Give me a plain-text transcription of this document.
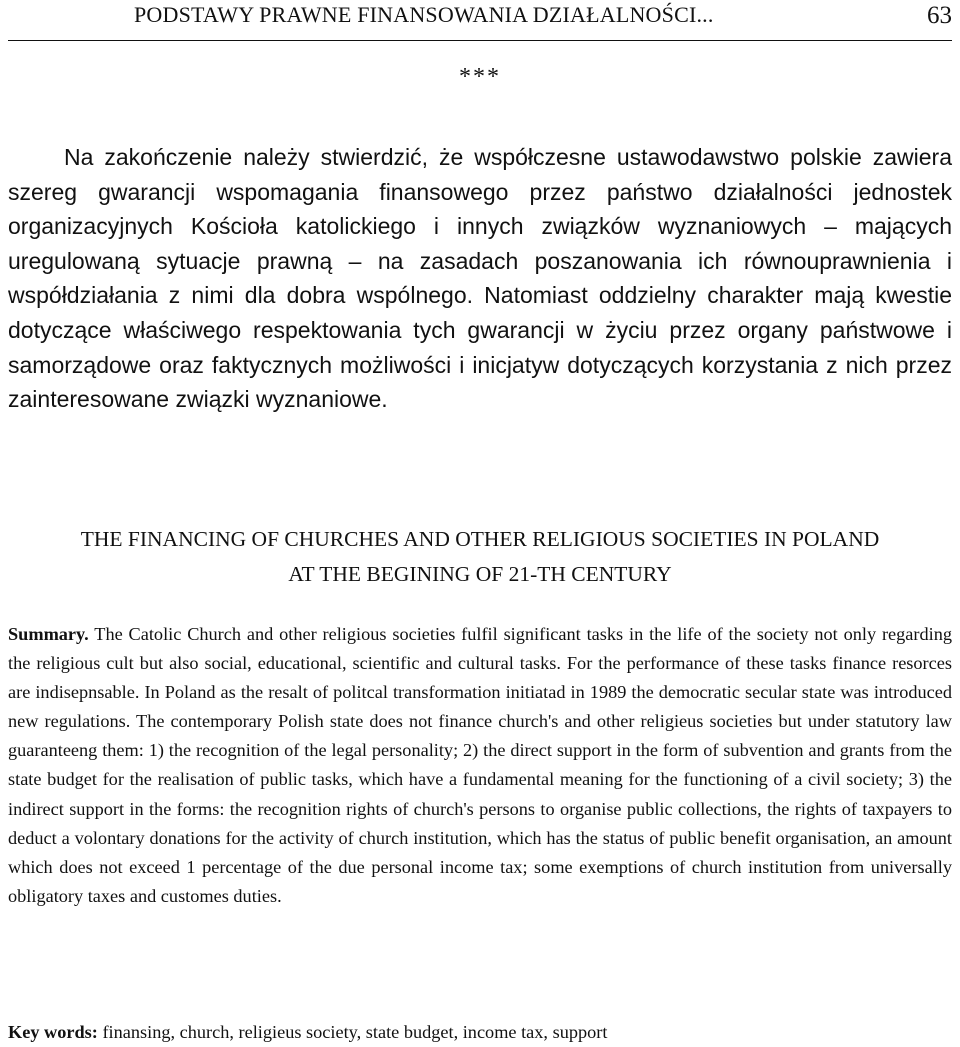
PODSTAWY PRAWNE FINANSOWANIA DZIAŁALNOŚCI...	63
***

Na zakończenie należy stwierdzić, że współczesne ustawodawstwo polskie zawiera szereg gwarancji wspomagania finansowego przez państwo działalności jednostek organizacyjnych Kościoła katolickiego i innych związków wyznaniowych – mających uregulowaną sytuacje prawną – na zasadach poszanowania ich równouprawnienia i współdziałania z nimi dla dobra wspólnego. Natomiast oddzielny charakter mają kwestie dotyczące właściwego respektowania tych gwarancji w życiu przez organy państwowe i samorządowe oraz faktycznych możliwości i inicjatyw dotyczących korzystania z nich przez zainteresowane związki wyznaniowe.

THE FINANCING OF CHURCHES AND OTHER RELIGIOUS SOCIETIES IN POLAND
AT THE BEGINING OF 21-TH CENTURY

Summary. The Catolic Church and other religious societies fulfil significant tasks in the life of the society not only regarding the religious cult but also social, educational, scientific and cultural tasks. For the performance of these tasks finance resorces are indisepnsable. In Poland as the resalt of politcal transformation initiatad in 1989 the democratic secular state was introduced new regulations. The contemporary Polish state does not finance church's and other religieus societies but under statutory law guaranteeng them: 1) the recognition of the legal personality; 2) the direct support in the form of subvention and grants from the state budget for the realisation of public tasks, which have a fundamental meaning for the functioning of a civil society; 3) the indirect support in the forms: the recognition rights of church's persons to organise public collections, the rights of taxpayers to deduct a volontary donations for the activity of church institution, which has the status of public benefit organisation, an amount which does not exceed 1 percentage of the due personal income tax; some exemptions of church institution from universally obligatory taxes and customes duties.

Key words: finansing, church, religieus society, state budget, income tax, support
